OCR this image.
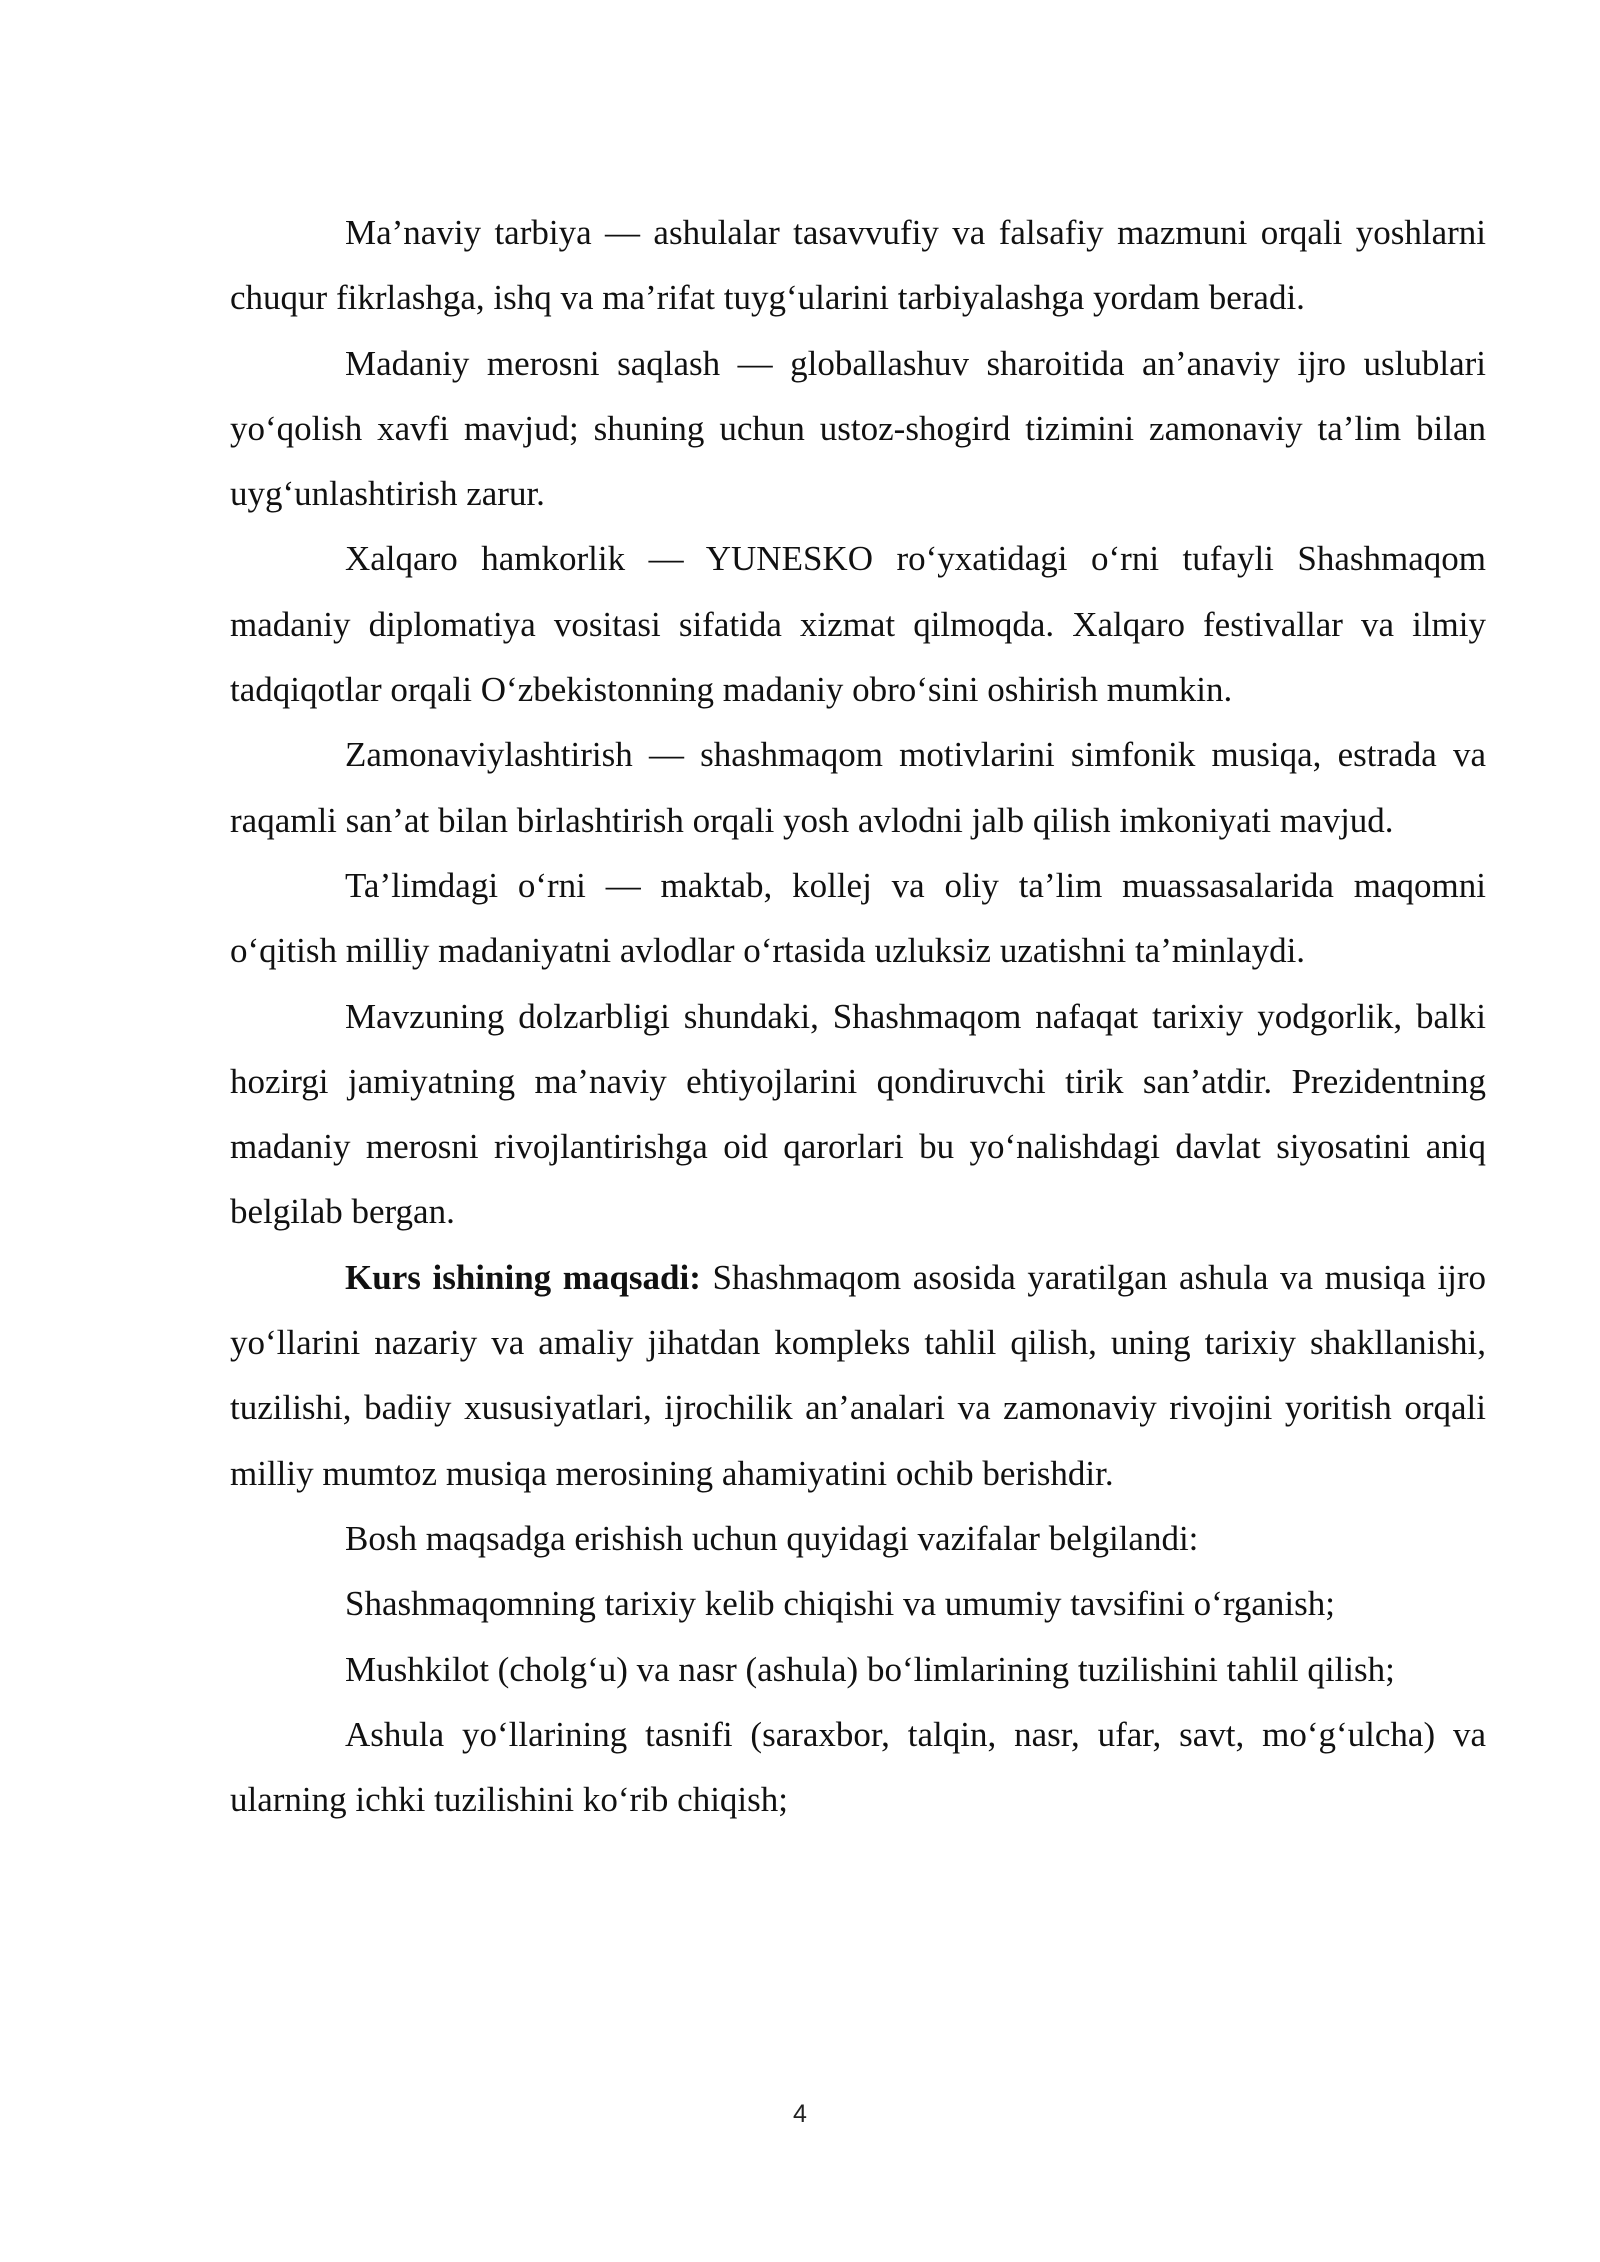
Ma’naviy tarbiya — ashulalar tasavvufiy va falsafiy mazmuni orqali yoshlarni chuqur fikrlashga, ishq va ma’rifat tuyg‘ularini tarbiyalashga yordam beradi.

Madaniy merosni saqlash — globallashuv sharoitida an’anaviy ijro uslublari yo‘qolish xavfi mavjud; shuning uchun ustoz-shogird tizimini zamonaviy ta’lim bilan uyg‘unlashtirish zarur.

Xalqaro hamkorlik — YUNESKO ro‘yxatidagi o‘rni tufayli Shashmaqom madaniy diplomatiya vositasi sifatida xizmat qilmoqda. Xalqaro festivallar va ilmiy tadqiqotlar orqali O‘zbekistonning madaniy obro‘sini oshirish mumkin.

Zamonaviylashtirish — shashmaqom motivlarini simfonik musiqa, estrada va raqamli san’at bilan birlashtirish orqali yosh avlodni jalb qilish imkoniyati mavjud.

Ta’limdagi o‘rni — maktab, kollej va oliy ta’lim muassasalarida maqomni o‘qitish milliy madaniyatni avlodlar o‘rtasida uzluksiz uzatishni ta’minlaydi.

Mavzuning dolzarbligi shundaki, Shashmaqom nafaqat tarixiy yodgorlik, balki hozirgi jamiyatning ma’naviy ehtiyojlarini qondiruvchi tirik san’atdir. Prezidentning madaniy merosni rivojlantirishga oid qarorlari bu yo‘nalishdagi davlat siyosatini aniq belgilab bergan.

Kurs ishining maqsadi: Shashmaqom asosida yaratilgan ashula va musiqa ijro yo‘llarini nazariy va amaliy jihatdan kompleks tahlil qilish, uning tarixiy shakllanishi, tuzilishi, badiiy xususiyatlari, ijrochilik an’analari va zamonaviy rivojini yoritish orqali milliy mumtoz musiqa merosining ahamiyatini ochib berishdir.

Bosh maqsadga erishish uchun quyidagi vazifalar belgilandi:

Shashmaqomning tarixiy kelib chiqishi va umumiy tavsifini o‘rganish;

Mushkilot (cholg‘u) va nasr (ashula) bo‘limlarining tuzilishini tahlil qilish;

Ashula yo‘llarining tasnifi (saraxbor, talqin, nasr, ufar, savt, mo‘g‘ulcha) va ularning ichki tuzilishini ko‘rib chiqish;

4
